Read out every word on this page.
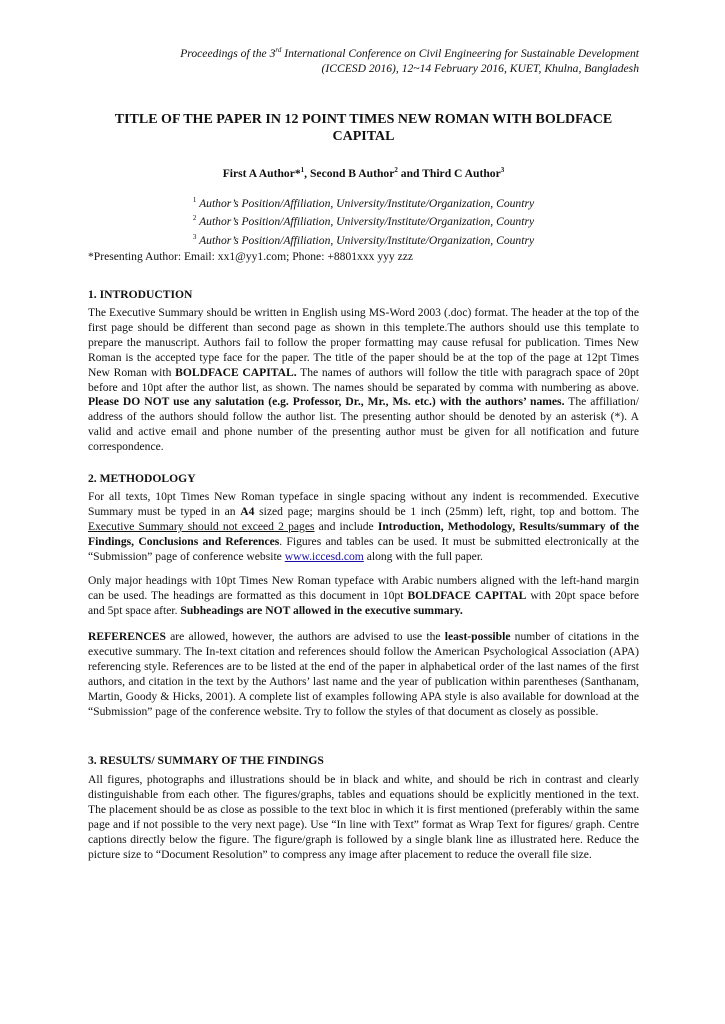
Proceedings of the 3rd International Conference on Civil Engineering for Sustainable Development
(ICCESD 2016), 12~14 February 2016, KUET, Khulna, Bangladesh
TITLE OF THE PAPER IN 12 POINT TIMES NEW ROMAN WITH BOLDFACE
CAPITAL
First A Author*$^1$, Second B Author$^2$ and Third C Author$^3$
$^1$ Author’s Position/Affiliation, University/Institute/Organization, Country
$^2$ Author’s Position/Affiliation, University/Institute/Organization, Country
$^3$ Author’s Position/Affiliation, University/Institute/Organization, Country
*Presenting Author: Email: xx1@yy1.com; Phone: +8801xxx yyy zzz
1. INTRODUCTION
The Executive Summary should be written in English using MS-Word 2003 (.doc) format. The header at the top of the first page should be different than second page as shown in this templete.The authors should use this template to prepare the manuscript. Authors fail to follow the proper formatting may cause refusal for publication. Times New Roman is the accepted type face for the paper. The title of the paper should be at the top of the page at 12pt Times New Roman with BOLDFACE CAPITAL. The names of authors will follow the title with paragrach space of 20pt before and 10pt after the author list, as shown. The names should be separated by comma with numbering as above. Please DO NOT use any salutation (e.g. Professor, Dr., Mr., Ms. etc.) with the authors’ names. The affiliation/ address of the authors should follow the author list. The presenting author should be denoted by an asterisk (*). A valid and active email and phone number of the presenting author must be given for all notification and future correspondence.
2. METHODOLOGY
For all texts, 10pt Times New Roman typeface in single spacing without any indent is recommended. Executive Summary must be typed in an A4 sized page; margins should be 1 inch (25mm) left, right, top and bottom. The Executive Summary should not exceed 2 pages and include Introduction, Methodology, Results/summary of the Findings, Conclusions and References. Figures and tables can be used. It must be submitted electronically at the “Submission” page of conference website www.iccesd.com along with the full paper.
Only major headings with 10pt Times New Roman typeface with Arabic numbers aligned with the left-hand margin can be used. The headings are formatted as this document in 10pt BOLDFACE CAPITAL with 20pt space before and 5pt space after. Subheadings are NOT allowed in the executive summary.
REFERENCES are allowed, however, the authors are advised to use the least-possible number of citations in the executive summary. The In-text citation and references should follow the American Psychological Association (APA) referencing style. References are to be listed at the end of the paper in alphabetical order of the last names of the first authors, and citation in the text by the Authors’ last name and the year of publication within parentheses (Santhanam, Martin, Goody & Hicks, 2001). A complete list of examples following APA style is also available for download at the “Submission” page of the conference website. Try to follow the styles of that document as closely as possible.
3. RESULTS/ SUMMARY OF THE FINDINGS
All figures, photographs and illustrations should be in black and white, and should be rich in contrast and clearly distinguishable from each other. The figures/graphs, tables and equations should be explicitly mentioned in the text. The placement should be as close as possible to the text bloc in which it is first mentioned (preferably within the same page and if not possible to the very next page). Use “In line with Text” format as Wrap Text for figures/ graph. Centre captions directly below the figure. The figure/graph is followed by a single blank line as illustrated here. Reduce the picture size to “Document Resolution” to compress any image after placement to reduce the overall file size.
